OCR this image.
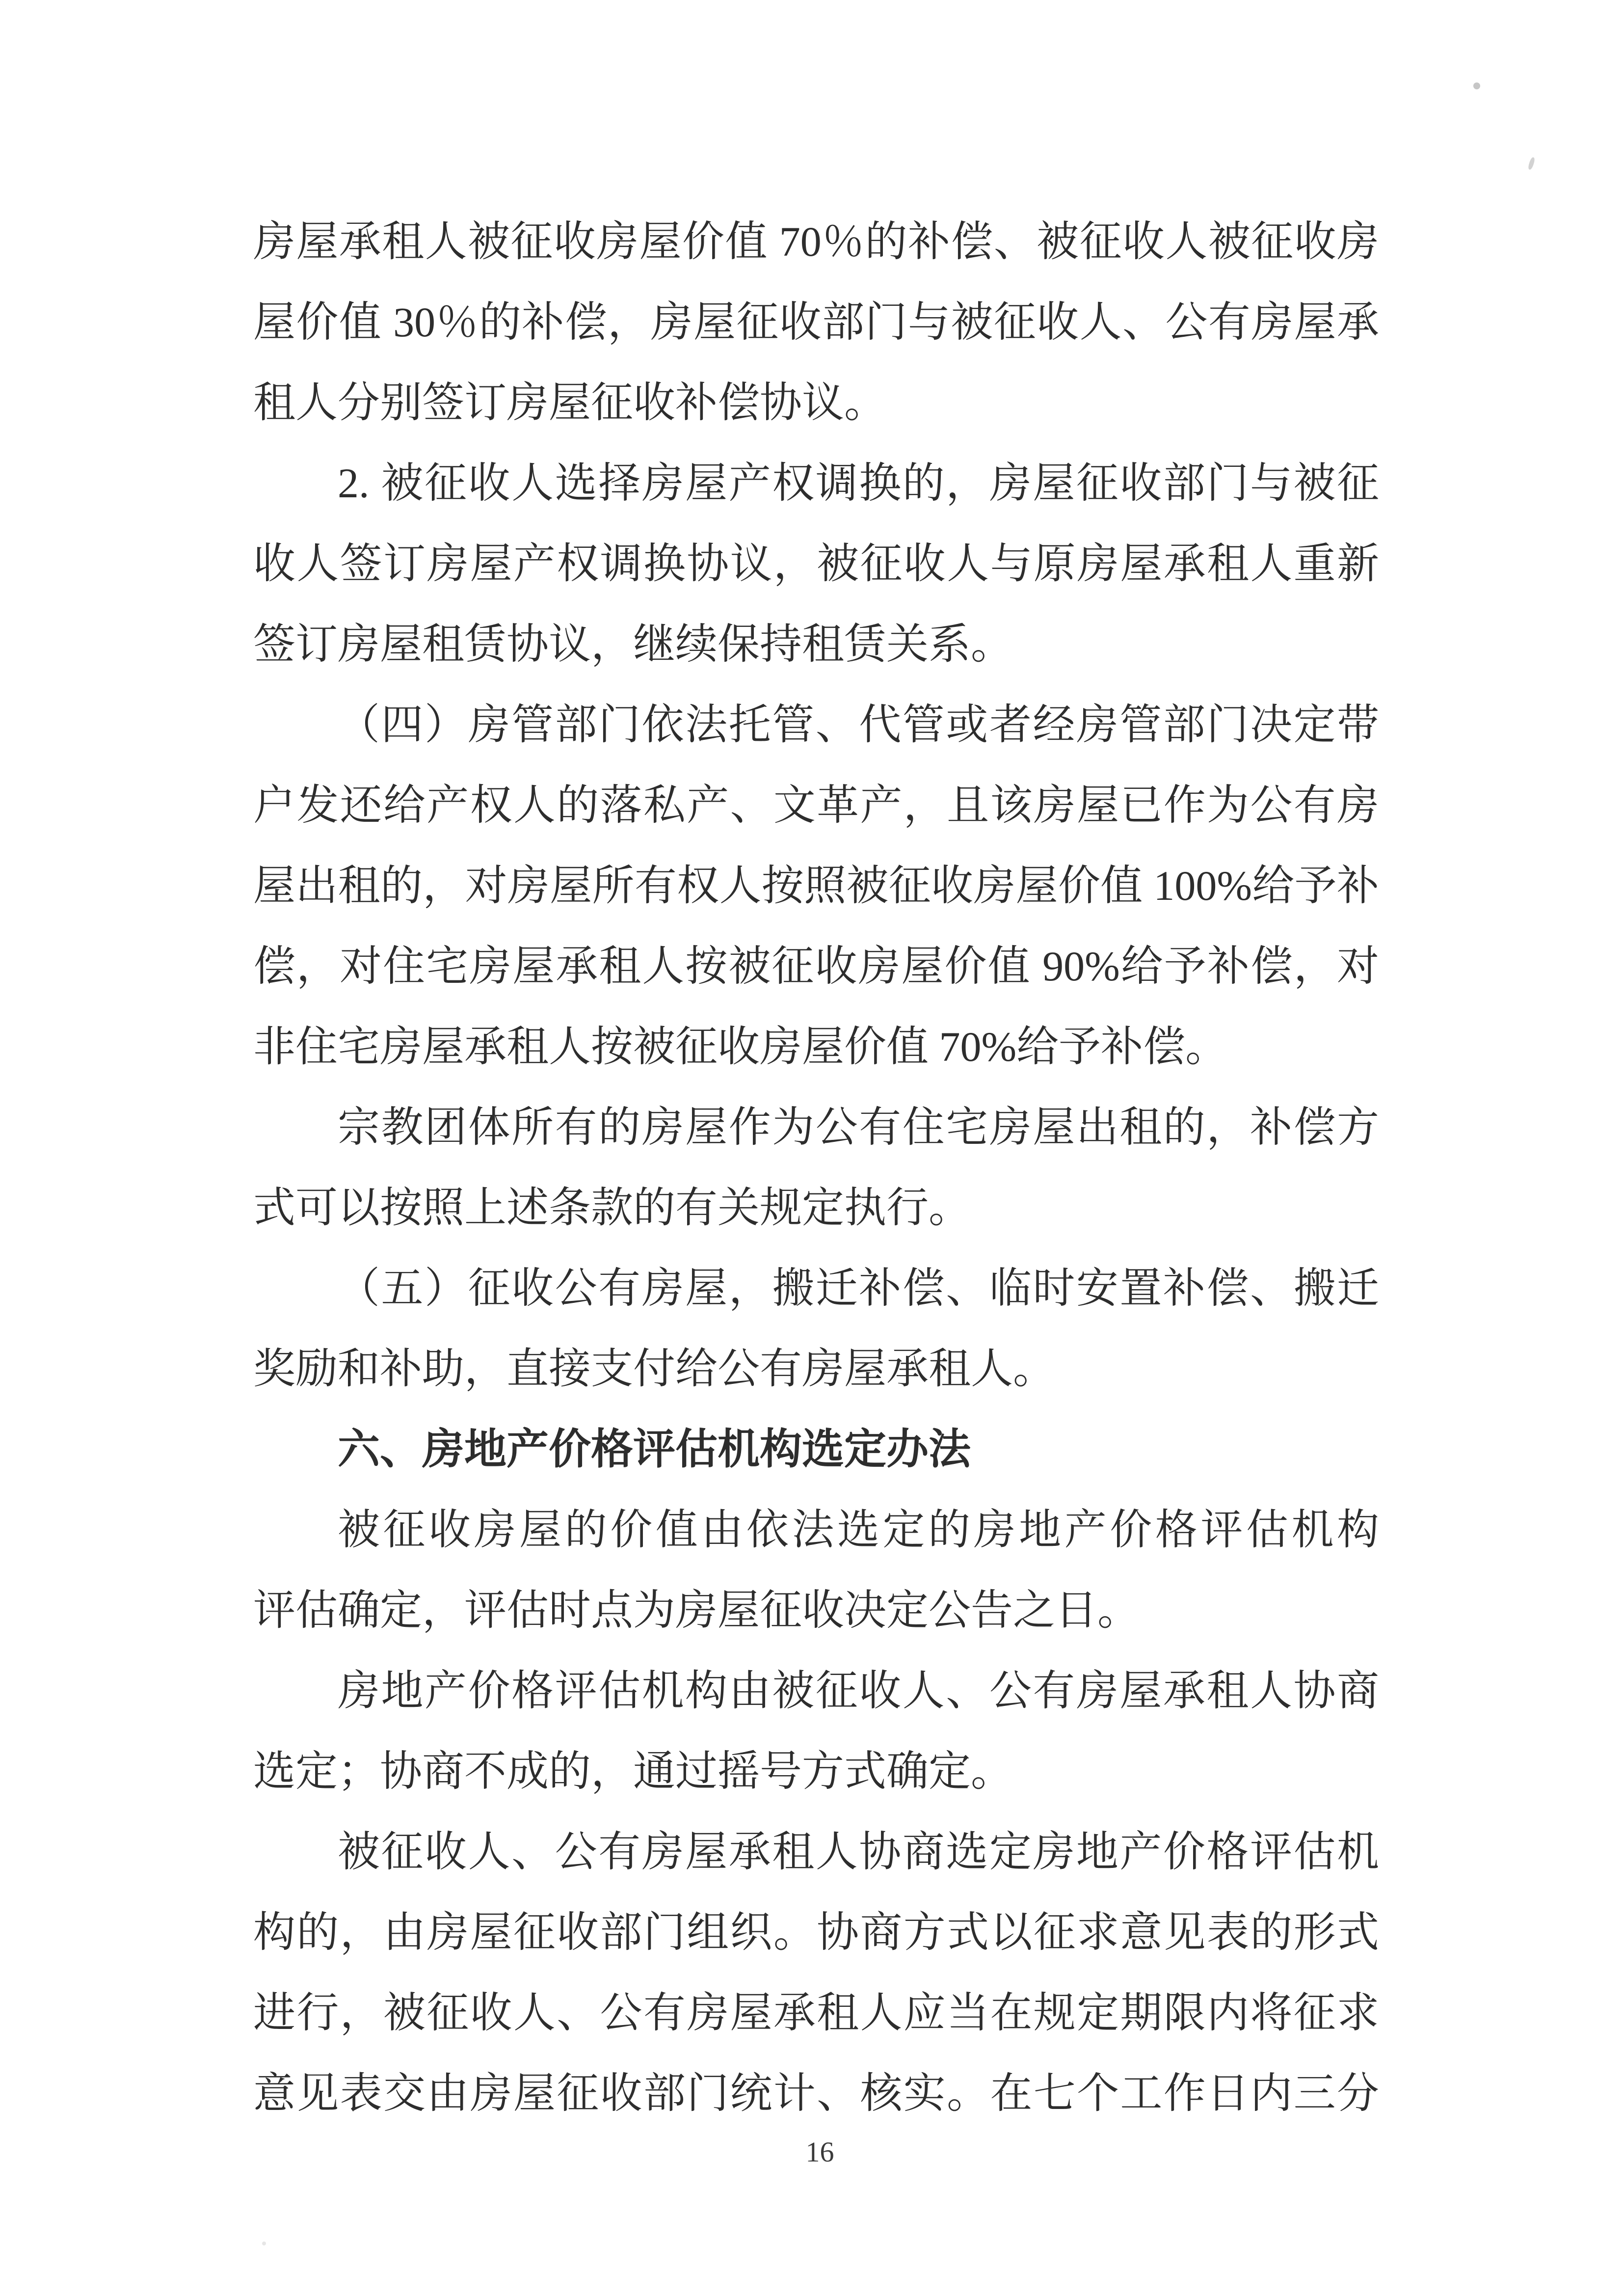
房屋承租人被征收房屋价值 70％的补偿、被征收人被征收房
屋价值 30％的补偿，房屋征收部门与被征收人、公有房屋承
租人分别签订房屋征收补偿协议。
2. 被征收人选择房屋产权调换的，房屋征收部门与被征
收人签订房屋产权调换协议，被征收人与原房屋承租人重新
签订房屋租赁协议，继续保持租赁关系。
（四）房管部门依法托管、代管或者经房管部门决定带
户发还给产权人的落私产、文革产，且该房屋已作为公有房
屋出租的，对房屋所有权人按照被征收房屋价值 100%给予补
偿，对住宅房屋承租人按被征收房屋价值 90%给予补偿，对
非住宅房屋承租人按被征收房屋价值 70%给予补偿。
宗教团体所有的房屋作为公有住宅房屋出租的，补偿方
式可以按照上述条款的有关规定执行。
（五）征收公有房屋，搬迁补偿、临时安置补偿、搬迁
奖励和补助，直接支付给公有房屋承租人。
六、房地产价格评估机构选定办法
被征收房屋的价值由依法选定的房地产价格评估机构
评估确定，评估时点为房屋征收决定公告之日。
房地产价格评估机构由被征收人、公有房屋承租人协商
选定；协商不成的，通过摇号方式确定。
被征收人、公有房屋承租人协商选定房地产价格评估机
构的，由房屋征收部门组织。协商方式以征求意见表的形式
进行，被征收人、公有房屋承租人应当在规定期限内将征求
意见表交由房屋征收部门统计、核实。在七个工作日内三分
16
